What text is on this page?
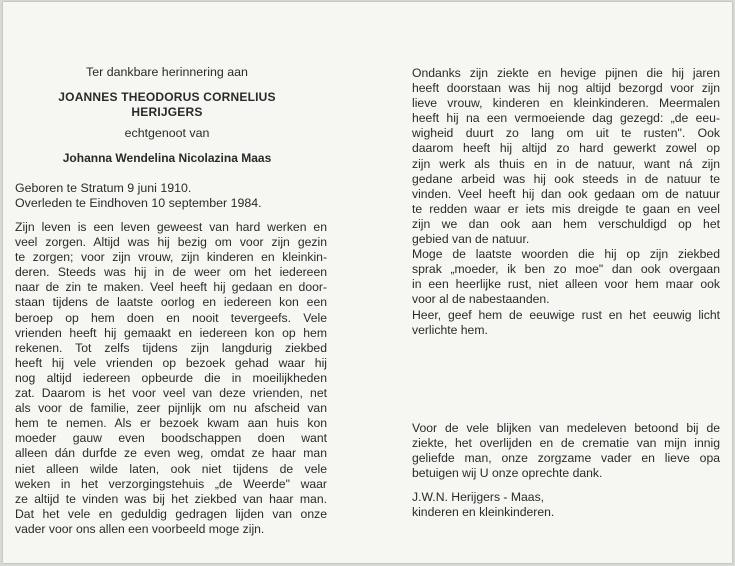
Ter dankbare herinnering aan
JOANNES THEODORUS CORNELIUS
HERIJGERS
echtgenoot van
Johanna Wendelina Nicolazina Maas
Geboren te Stratum 9 juni 1910.
Overleden te Eindhoven 10 september 1984.
Zijn leven is een leven geweest van hard werken en
veel zorgen. Altijd was hij bezig om voor zijn gezin
te zorgen; voor zijn vrouw, zijn kinderen en kleinkin-
deren. Steeds was hij in de weer om het iedereen
naar de zin te maken. Veel heeft hij gedaan en door-
staan tijdens de laatste oorlog en iedereen kon een
beroep op hem doen en nooit tevergeefs. Vele
vrienden heeft hij gemaakt en iedereen kon op hem
rekenen. Tot zelfs tijdens zijn langdurig ziekbed
heeft hij vele vrienden op bezoek gehad waar hij
nog altijd iedereen opbeurde die in moeilijkheden
zat. Daarom is het voor veel van deze vrienden, net
als voor de familie, zeer pijnlijk om nu afscheid van
hem te nemen. Als er bezoek kwam aan huis kon
moeder gauw even boodschappen doen want
alleen dán durfde ze even weg, omdat ze haar man
niet alleen wilde laten, ook niet tijdens de vele
weken in het verzorgingstehuis „de Weerde" waar
ze altijd te vinden was bij het ziekbed van haar man.
Dat het vele en geduldig gedragen lijden van onze
vader voor ons allen een voorbeeld moge zijn.
Ondanks zijn ziekte en hevige pijnen die hij jaren
heeft doorstaan was hij nog altijd bezorgd voor zijn
lieve vrouw, kinderen en kleinkinderen. Meermalen
heeft hij na een vermoeiende dag gezegd: „de eeu-
wigheid duurt zo lang om uit te rusten". Ook
daarom heeft hij altijd zo hard gewerkt zowel op
zijn werk als thuis en in de natuur, want ná zijn
gedane arbeid was hij ook steeds in de natuur te
vinden. Veel heeft hij dan ook gedaan om de natuur
te redden waar er iets mis dreigde te gaan en veel
zijn we dan ook aan hem verschuldigd op het
gebied van de natuur.
Moge de laatste woorden die hij op zijn ziekbed
sprak „moeder, ik ben zo moe" dan ook overgaan
in een heerlijke rust, niet alleen voor hem maar ook
voor al de nabestaanden.
Heer, geef hem de eeuwige rust en het eeuwig licht
verlichte hem.
Voor de vele blijken van medeleven betoond bij de
ziekte, het overlijden en de crematie van mijn innig
geliefde man, onze zorgzame vader en lieve opa
betuigen wij U onze oprechte dank.
J.W.N. Herijgers - Maas,
kinderen en kleinkinderen.
